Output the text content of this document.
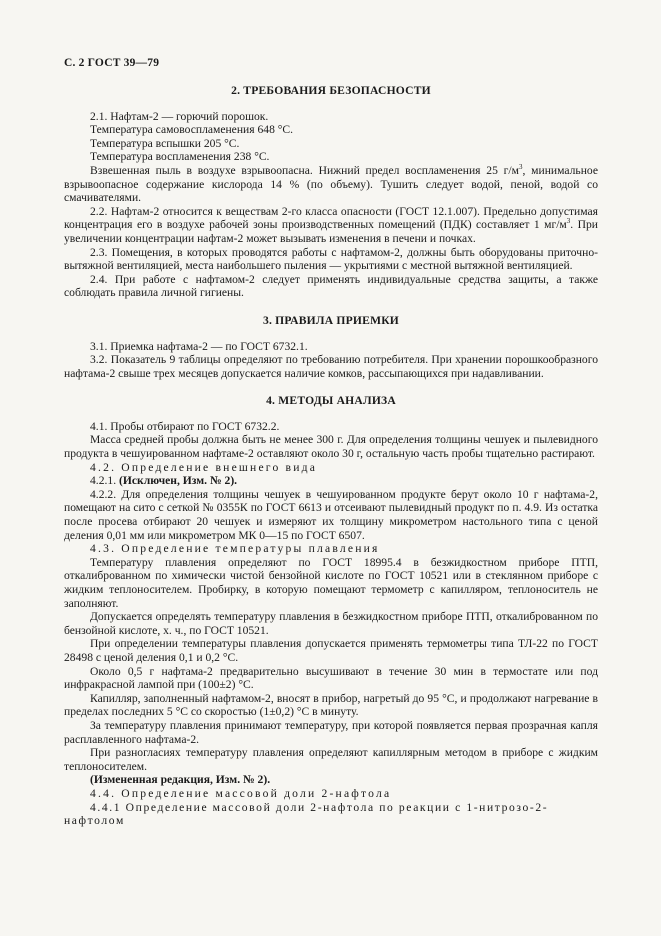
С. 2 ГОСТ 39—79
2. ТРЕБОВАНИЯ БЕЗОПАСНОСТИ

2.1. Нафтам-2 — горючий порошок.

Температура самовоспламенения 648 °С.

Температура вспышки 205 °С.

Температура воспламенения 238 °С.

Взвешенная пыль в воздухе взрывоопасна. Нижний предел воспламенения 25 $г/м^3$, минимальное взрывоопасное содержание кислорода 14 % (по объему). Тушить следует водой, пеной, водой со смачивателями.

2.2. Нафтам-2 относится к веществам 2-го класса опасности (ГОСТ 12.1.007). Предельно допустимая концентрация его в воздухе рабочей зоны производственных помещений (ПДК) составляет 1 $мг/м^3$. При увеличении концентрации нафтам-2 может вызывать изменения в печени и почках.

2.3. Помещения, в которых проводятся работы с нафтамом-2, должны быть оборудованы приточно-вытяжной вентиляцией, места наибольшего пыления — укрытиями с местной вытяжной вентиляцией.

2.4. При работе с нафтамом-2 следует применять индивидуальные средства защиты, а также соблюдать правила личной гигиены.

3. ПРАВИЛА ПРИЕМКИ

3.1. Приемка нафтама-2 — по ГОСТ 6732.1.

3.2. Показатель 9 таблицы определяют по требованию потребителя. При хранении порошкообразного нафтама-2 свыше трех месяцев допускается наличие комков, рассыпающихся при надавливании.

4. МЕТОДЫ АНАЛИЗА

4.1. Пробы отбирают по ГОСТ 6732.2.

Масса средней пробы должна быть не менее 300 г. Для определения толщины чешуек и пылевидного продукта в чешуированном нафтаме-2 оставляют около 30 г, остальную часть пробы тщательно растирают.

4.2. Определение внешнего вида

4.2.1. (Исключен, Изм. № 2).

4.2.2. Для определения толщины чешуек в чешуированном продукте берут около 10 г нафтама-2, помещают на сито с сеткой № 0355К по ГОСТ 6613 и отсеивают пылевидный продукт по п. 4.9. Из остатка после просева отбирают 20 чешуек и измеряют их толщину микрометром настольного типа с ценой деления 0,01 мм или микрометром МК 0—15 по ГОСТ 6507.

4.3. Определение температуры плавления

Температуру плавления определяют по ГОСТ 18995.4 в безжидкостном приборе ПТП, откалиброванном по химически чистой бензойной кислоте по ГОСТ 10521 или в стеклянном приборе с жидким теплоносителем. Пробирку, в которую помещают термометр с капилляром, теплоноситель не заполняют.

Допускается определять температуру плавления в безжидкостном приборе ПТП, откалиброванном по бензойной кислоте, х. ч., по ГОСТ 10521.

При определении температуры плавления допускается применять термометры типа ТЛ-22 по ГОСТ 28498 с ценой деления 0,1 и 0,2 °С.

Около 0,5 г нафтама-2 предварительно высушивают в течение 30 мин в термостате или под инфракрасной лампой при (100±2) °С.

Капилляр, заполненный нафтамом-2, вносят в прибор, нагретый до 95 °С, и продолжают нагревание в пределах последних 5 °С со скоростью (1±0,2) °С в минуту.

За температуру плавления принимают температуру, при которой появляется первая прозрачная капля расплавленного нафтама-2.

При разногласиях температуру плавления определяют капиллярным методом в приборе с жидким теплоносителем.

(Измененная редакция, Изм. № 2).

4.4. Определение массовой доли 2-нафтола

4.4.1 Определение массовой доли 2-нафтола по реакции с 1-нитрозо-2-нафтолом
